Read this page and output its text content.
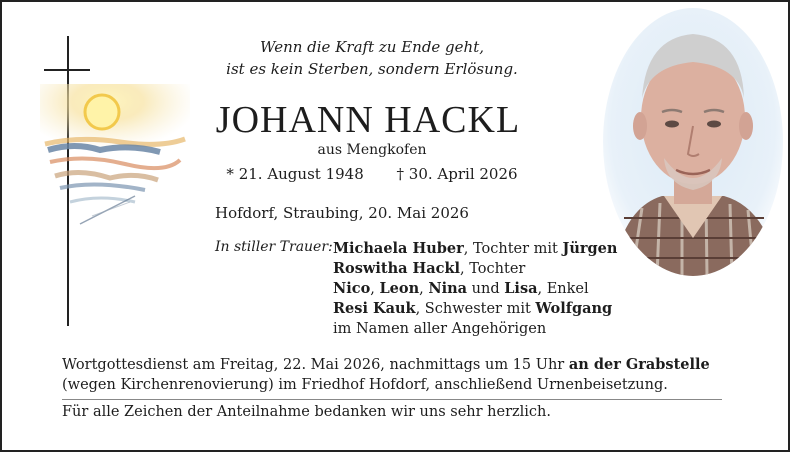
Wenn die Kraft zu Ende geht,
ist es kein Sterben, sondern Erlösung.
JOHANN HACKL
aus Mengkofen
* 21. August 1948 † 30. April 2026
Hofdorf, Straubing, 20. Mai 2026
In stiller Trauer: Michaela Huber, Tochter mit Jürgen
Roswitha Hackl, Tochter
Nico, Leon, Nina und Lisa, Enkel
Resi Kauk, Schwester mit Wolfgang
im Namen aller Angehörigen
Wortgottesdienst am Freitag, 22. Mai 2026, nachmittags um 15 Uhr an der Grabstelle (wegen Kirchenrenovierung) im Friedhof Hofdorf, anschließend Urnenbeisetzung.
Für alle Zeichen der Anteilnahme bedanken wir uns sehr herzlich.
